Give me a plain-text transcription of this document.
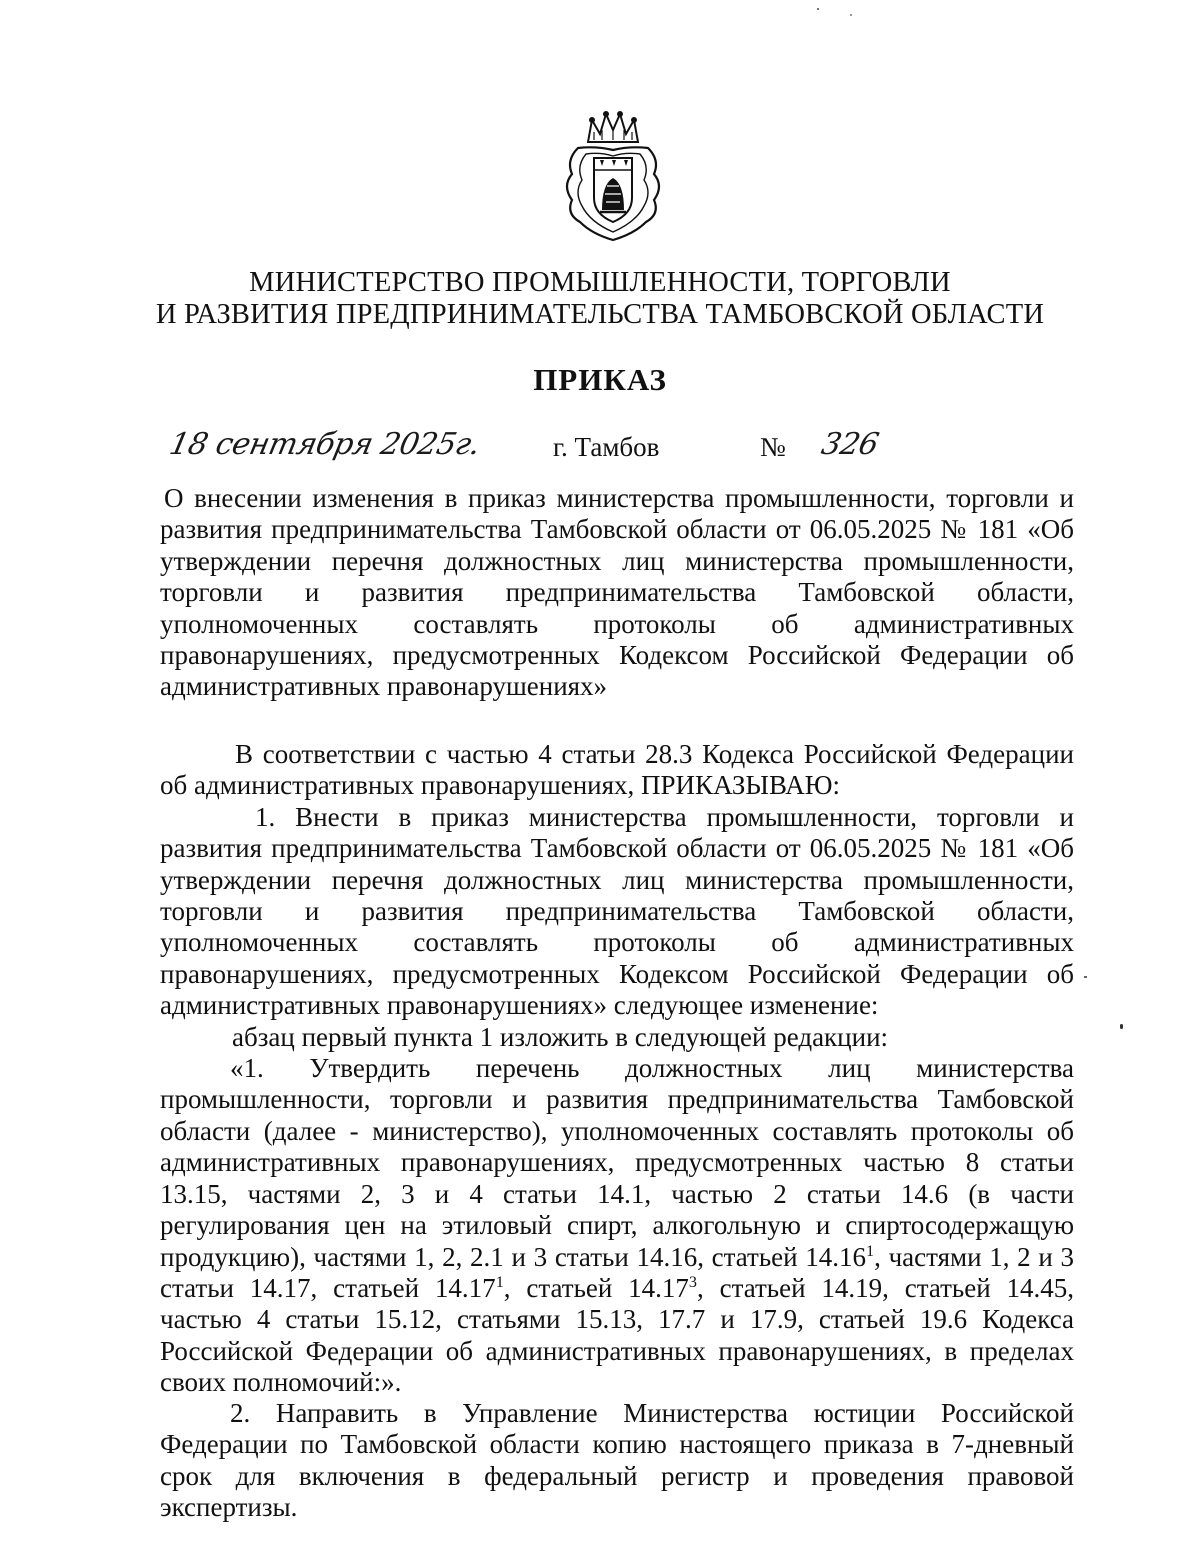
МИНИСТЕРСТВО ПРОМЫШЛЕННОСТИ, ТОРГОВЛИ
И РАЗВИТИЯ ПРЕДПРИНИМАТЕЛЬСТВА ТАМБОВСКОЙ ОБЛАСТИ
ПРИКАЗ
18 сентября 2025г.	г. Тамбов	№ 326
О внесении изменения в приказ министерства промышленности, торговли и
развития предпринимательства Тамбовской области от 06.05.2025 № 181 «Об
утверждении перечня должностных лиц министерства промышленности,
торговли и развития предпринимательства Тамбовской области,
уполномоченных составлять протоколы об административных
правонарушениях, предусмотренных Кодексом Российской Федерации об
административных правонарушениях»
В соответствии с частью 4 статьи 28.3 Кодекса Российской Федерации
об административных правонарушениях, ПРИКАЗЫВАЮ:
1. Внести в приказ министерства промышленности, торговли и
развития предпринимательства Тамбовской области от 06.05.2025 № 181 «Об
утверждении перечня должностных лиц министерства промышленности,
торговли и развития предпринимательства Тамбовской области,
уполномоченных составлять протоколы об административных
правонарушениях, предусмотренных Кодексом Российской Федерации об
административных правонарушениях» следующее изменение:
абзац первый пункта 1 изложить в следующей редакции:
«1. Утвердить перечень должностных лиц министерства
промышленности, торговли и развития предпринимательства Тамбовской
области (далее - министерство), уполномоченных составлять протоколы об
административных правонарушениях, предусмотренных частью 8 статьи
13.15, частями 2, 3 и 4 статьи 14.1, частью 2 статьи 14.6 (в части
регулирования цен на этиловый спирт, алкогольную и спиртосодержащую
продукцию), частями 1, 2, 2.1 и 3 статьи 14.16, статьей 14.16$^1$, частями 1, 2 и 3
статьи 14.17, статьей 14.17$^1$, статьей 14.17$^3$, статьей 14.19, статьей 14.45,
частью 4 статьи 15.12, статьями 15.13, 17.7 и 17.9, статьей 19.6 Кодекса
Российской Федерации об административных правонарушениях, в пределах
своих полномочий:».
2. Направить в Управление Министерства юстиции Российской
Федерации по Тамбовской области копию настоящего приказа в 7-дневный
срок для включения в федеральный регистр и проведения правовой
экспертизы.
